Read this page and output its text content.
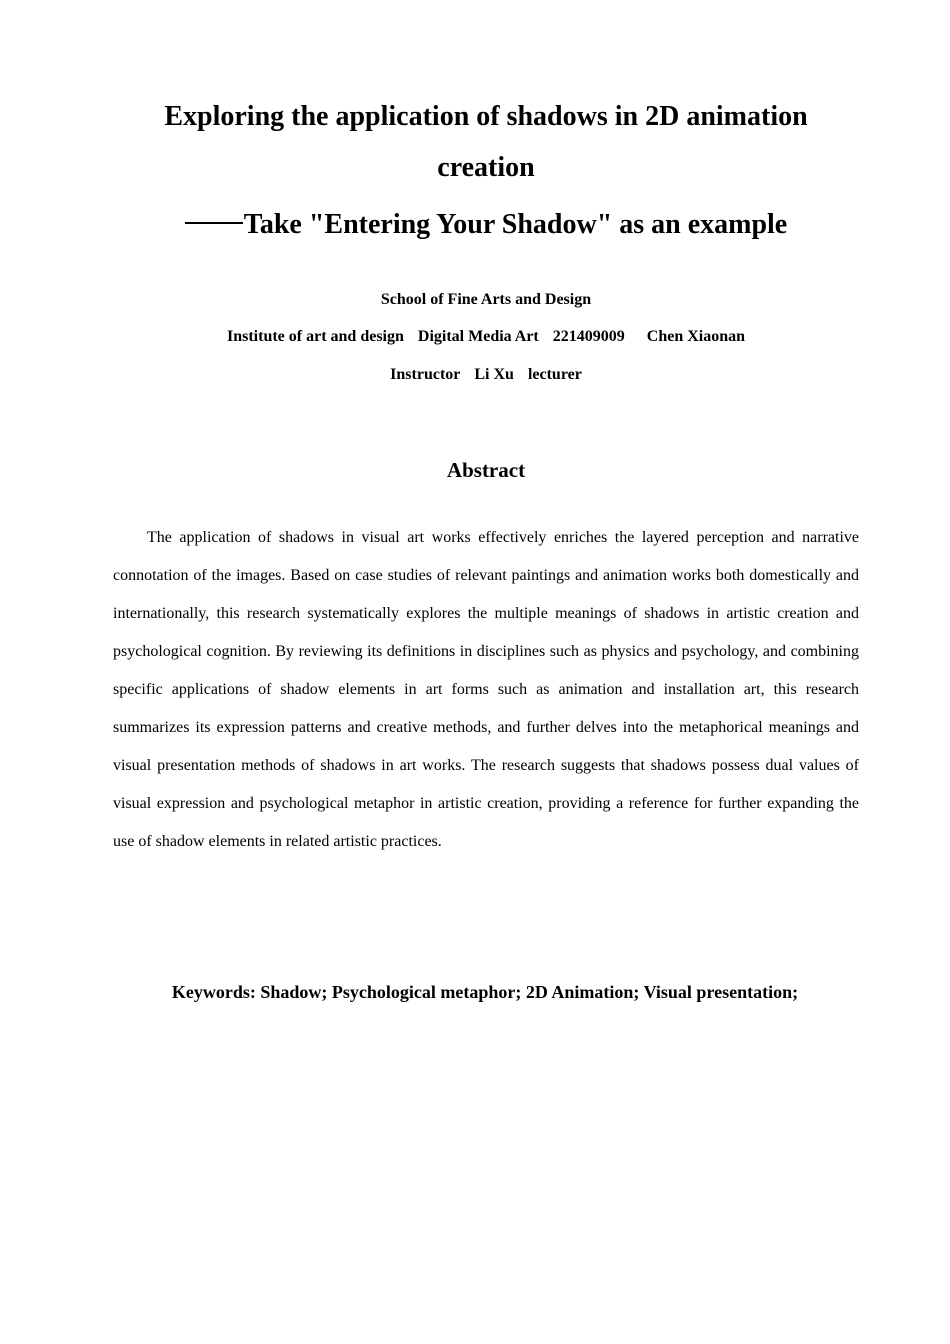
Exploring the application of shadows in 2D animation
creation
Take "Entering Your Shadow" as an example
School of Fine Arts and Design
Institute of art and design Digital Media Art 221409009 Chen Xiaonan
Instructor Li Xu lecturer
Abstract
The application of shadows in visual art works effectively enriches the layered perception and narrative connotation of the images. Based on case studies of relevant paintings and animation works both domestically and internationally, this research systematically explores the multiple meanings of shadows in artistic creation and psychological cognition. By reviewing its definitions in disciplines such as physics and psychology, and combining specific applications of shadow elements in art forms such as animation and installation art, this research summarizes its expression patterns and creative methods, and further delves into the metaphorical meanings and visual presentation methods of shadows in art works. The research suggests that shadows possess dual values of visual expression and psychological metaphor in artistic creation, providing a reference for further expanding the use of shadow elements in related artistic practices.
Keywords: Shadow; Psychological metaphor; 2D Animation; Visual presentation;
